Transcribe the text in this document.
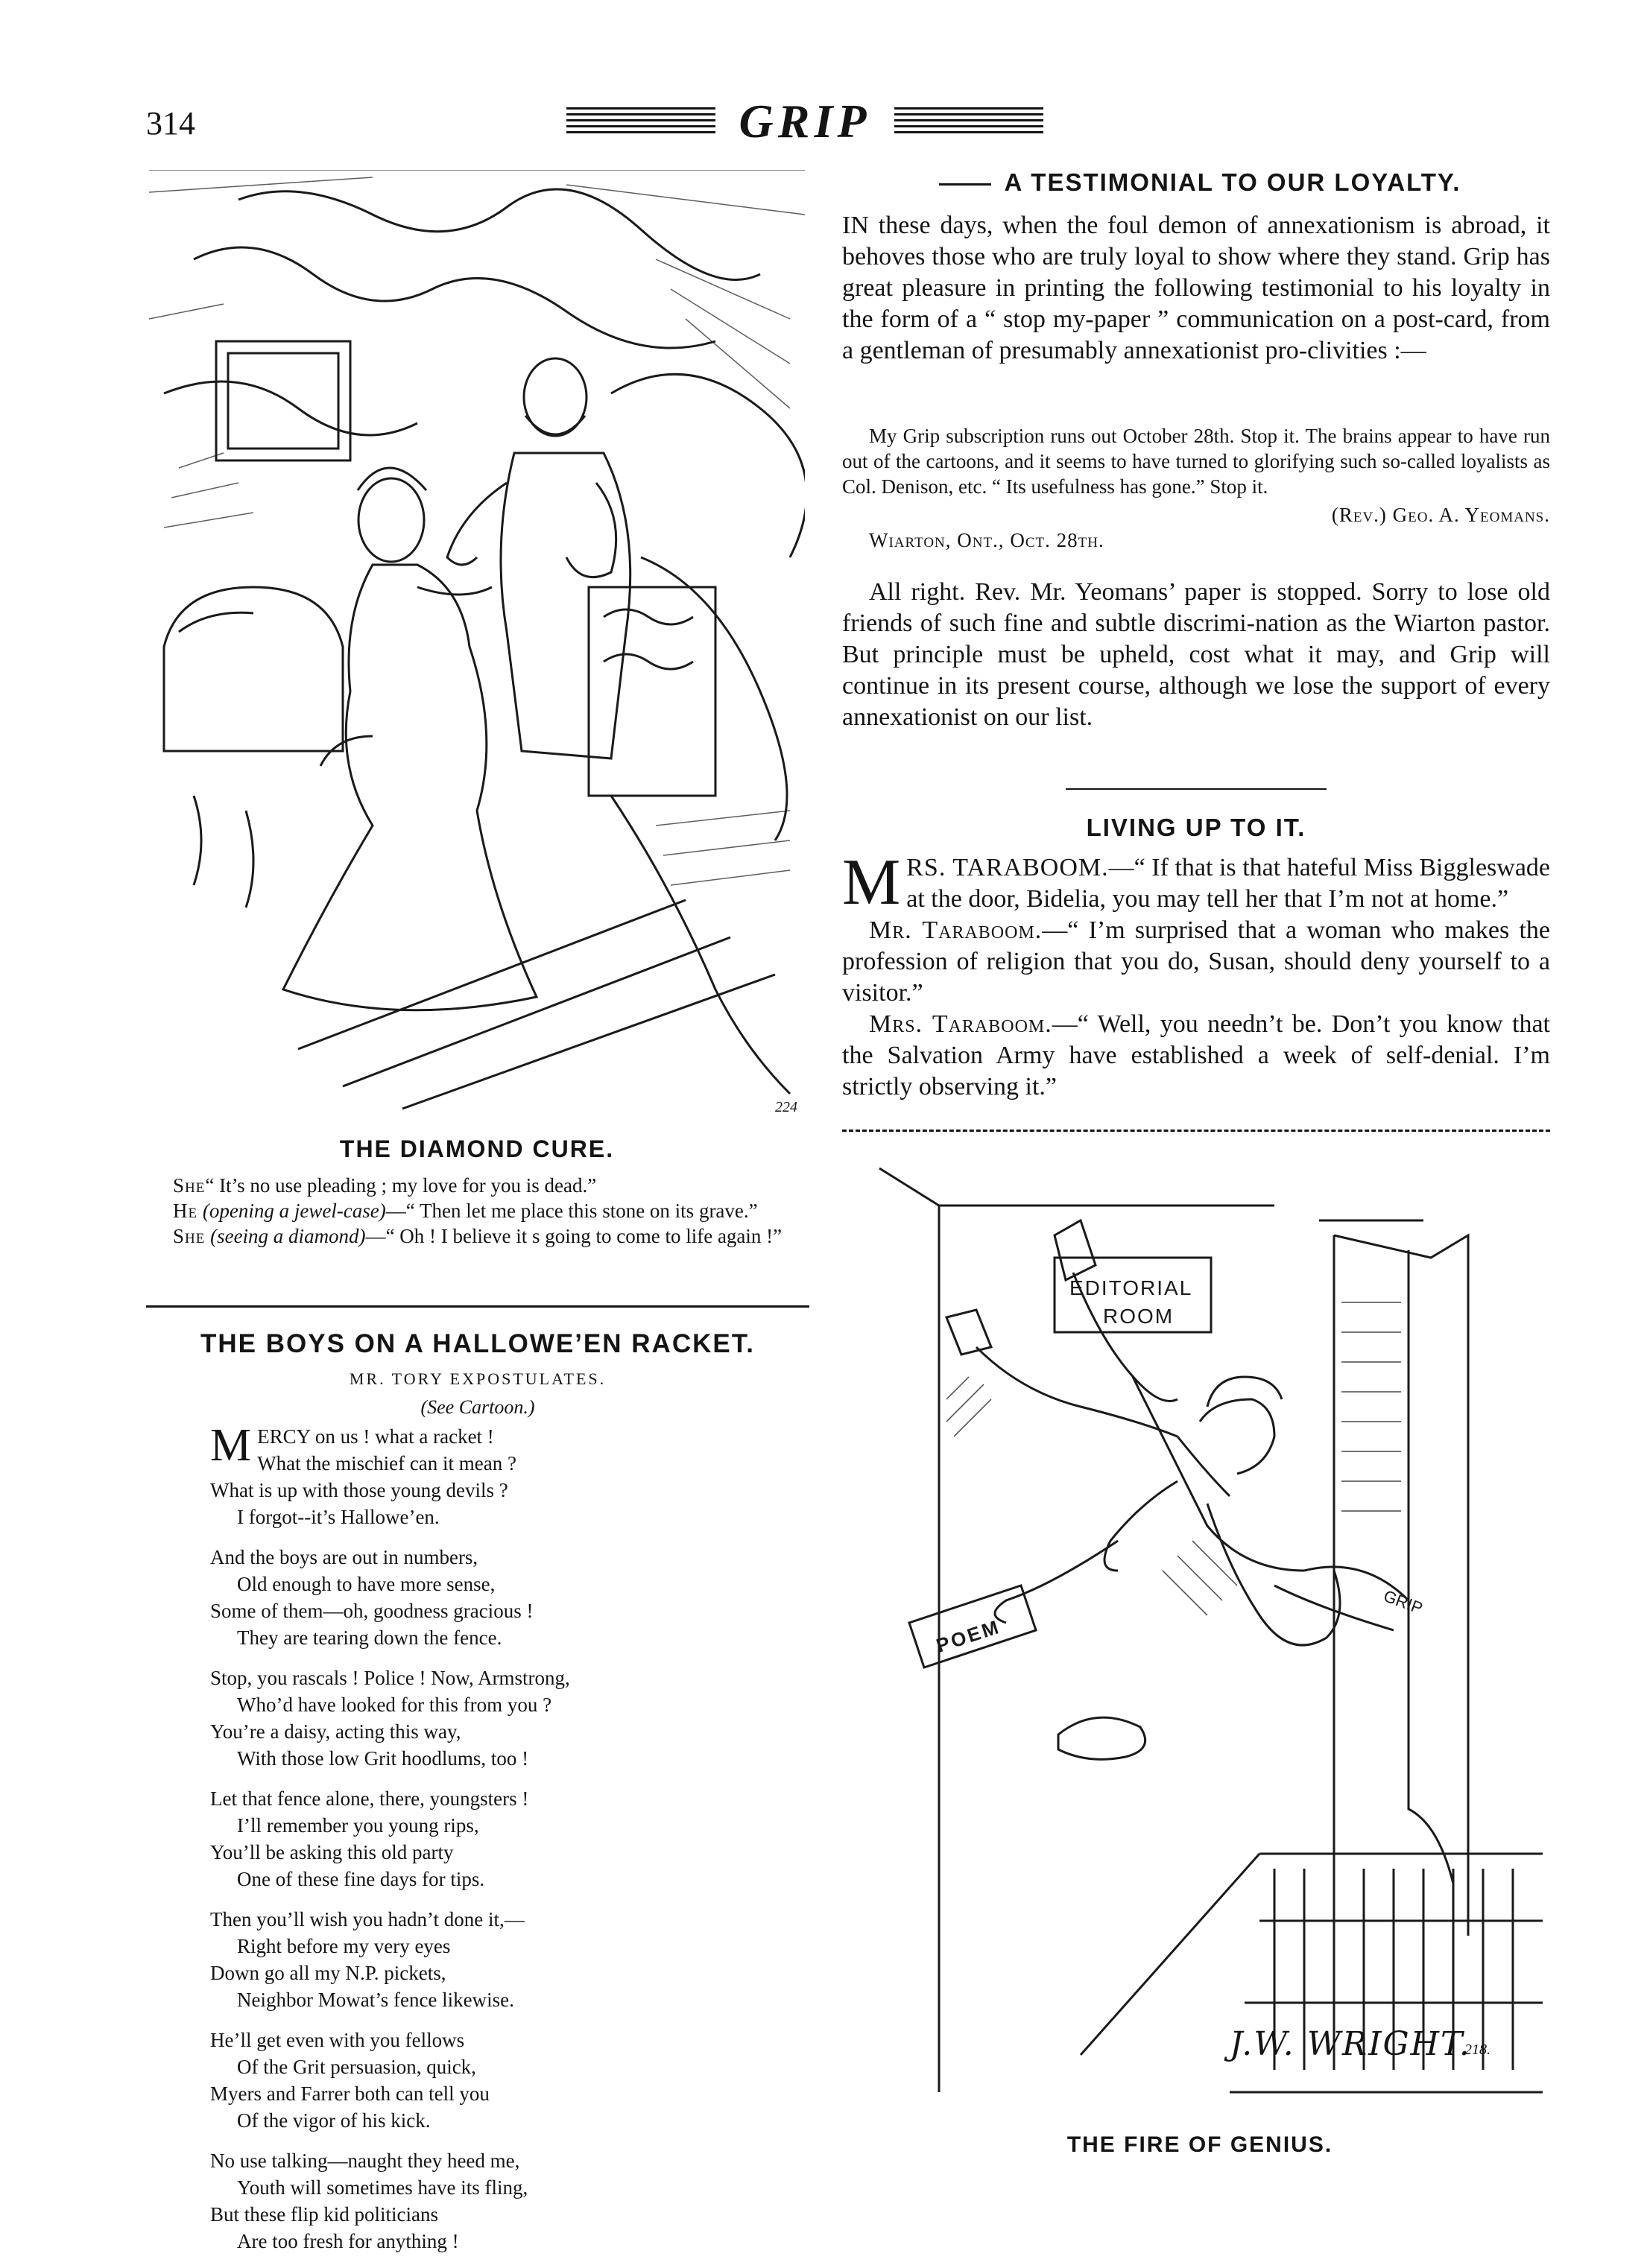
314	GRIP
224
THE DIAMOND CURE.
She“ It’s no use pleading ; my love for you is dead.”
He (opening a jewel-case)—“ Then let me place this stone on its grave.”
She (seeing a diamond)—“ Oh ! I believe it s going to come to life again !”
THE BOYS ON A HALLOWE’EN RACKET.
MR. TORY EXPOSTULATES.
(See Cartoon.)
MERCY on us ! what a racket !
What the mischief can it mean ?
What is up with those young devils ?
I forgot--it’s Hallowe’en.
And the boys are out in numbers,
Old enough to have more sense,
Some of them—oh, goodness gracious !
They are tearing down the fence.
Stop, you rascals ! Police ! Now, Armstrong,
Who’d have looked for this from you ?
You’re a daisy, acting this way,
With those low Grit hoodlums, too !
Let that fence alone, there, youngsters !
I’ll remember you young rips,
You’ll be asking this old party
One of these fine days for tips.
Then you’ll wish you hadn’t done it,—
Right before my very eyes
Down go all my N.P. pickets,
Neighbor Mowat’s fence likewise.
He’ll get even with you fellows
Of the Grit persuasion, quick,
Myers and Farrer both can tell you
Of the vigor of his kick.
No use talking—naught they heed me,
Youth will sometimes have its fling,
But these flip kid politicians
Are too fresh for anything !
A TESTIMONIAL TO OUR LOYALTY.
IN these days, when the foul demon of annexationism is abroad, it behoves those who are truly loyal to show where they stand. Grip has great pleasure in printing the following testimonial to his loyalty in the form of a “ stop my-paper ” communication on a post-card, from a gentleman of presumably annexationist pro-clivities :—
My Grip subscription runs out October 28th. Stop it. The brains appear to have run out of the cartoons, and it seems to have turned to glorifying such so-called loyalists as Col. Denison, etc. “ Its usefulness has gone.” Stop it.
(Rev.) Geo. A. Yeomans.
Wiarton, Ont., Oct. 28th.
All right. Rev. Mr. Yeomans’ paper is stopped. Sorry to lose old friends of such fine and subtle discrimi-nation as the Wiarton pastor. But principle must be upheld, cost what it may, and Grip will continue in its present course, although we lose the support of every annexationist on our list.
LIVING UP TO IT.
MRS. TARABOOM.—“ If that is that hateful Miss Biggleswade at the door, Bidelia, you may tell her that I’m not at home.”
Mr. Taraboom.—“ I’m surprised that a woman who makes the profession of religion that you do, Susan, should deny yourself to a visitor.”
Mrs. Taraboom.—“ Well, you needn’t be. Don’t you know that the Salvation Army have established a week of self-denial. I’m strictly observing it.”
EDITORIAL
ROOM
POEM
GRIP
J.W. WRIGHT.
218.
THE FIRE OF GENIUS.
